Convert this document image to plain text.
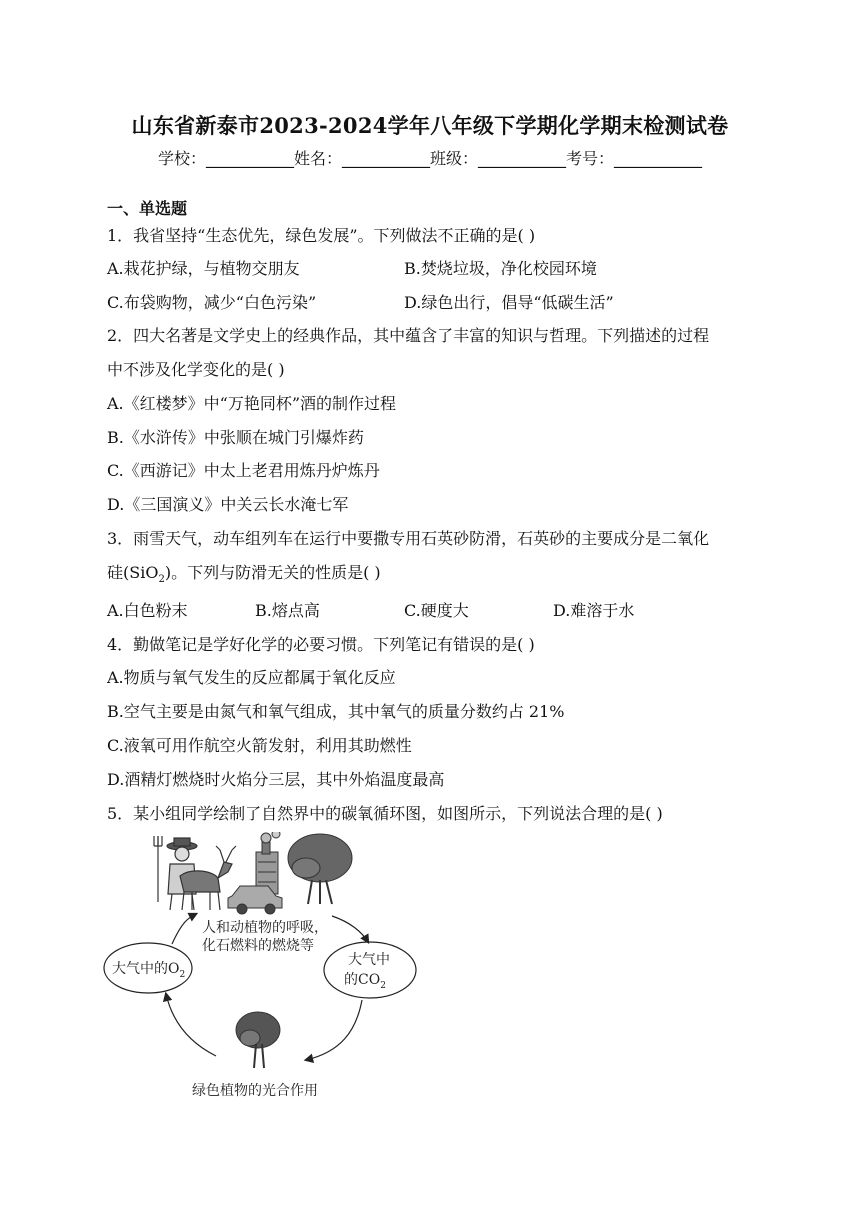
山东省新泰市2023-2024学年八年级下学期化学期末检测试卷
学校：___________姓名：___________班级：___________考号：___________
一、单选题
1．我省坚持“生态优先，绿色发展”。下列做法不正确的是( )
A.栽花护绿，与植物交朋友	B.焚烧垃圾，净化校园环境
C.布袋购物，减少“白色污染”	D.绿色出行，倡导“低碳生活”
2．四大名著是文学史上的经典作品，其中蕴含了丰富的知识与哲理。下列描述的过程
中不涉及化学变化的是( )
A.《红楼梦》中“万艳同杯”酒的制作过程
B.《水浒传》中张顺在城门引爆炸药
C.《西游记》中太上老君用炼丹炉炼丹
D.《三国演义》中关云长水淹七军
3．雨雪天气，动车组列车在运行中要撒专用石英砂防滑，石英砂的主要成分是二氧化
硅(SiO$_2$)。下列与防滑无关的性质是( )
A.白色粉末	B.熔点高	C.硬度大	D.难溶于水
4．勤做笔记是学好化学的必要习惯。下列笔记有错误的是( )
A.物质与氧气发生的反应都属于氧化反应
B.空气主要是由氮气和氧气组成，其中氧气的质量分数约占 21%
C.液氧可用作航空火箭发射，利用其助燃性
D.酒精灯燃烧时火焰分三层，其中外焰温度最高
5．某小组同学绘制了自然界中的碳氧循环图，如图所示，下列说法合理的是( )
人和动植物的呼吸，
化石燃料的燃烧等
大气中的$O_2$
大气中
的$CO_2$
绿色植物的光合作用
